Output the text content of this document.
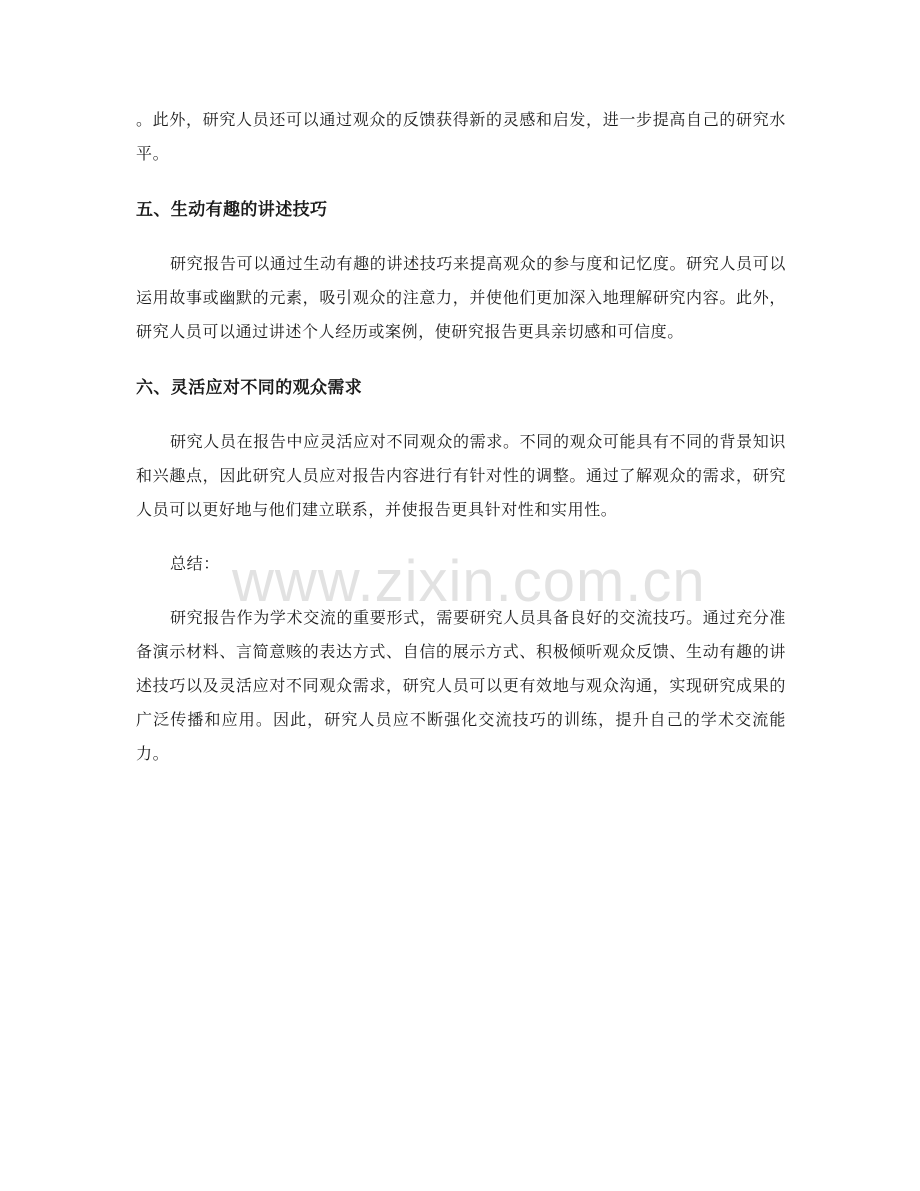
。此外，研究人员还可以通过观众的反馈获得新的灵感和启发，进一步提高自己的研究水平。

五、生动有趣的讲述技巧

研究报告可以通过生动有趣的讲述技巧来提高观众的参与度和记忆度。研究人员可以运用故事或幽默的元素，吸引观众的注意力，并使他们更加深入地理解研究内容。此外，研究人员可以通过讲述个人经历或案例，使研究报告更具亲切感和可信度。

六、灵活应对不同的观众需求

研究人员在报告中应灵活应对不同观众的需求。不同的观众可能具有不同的背景知识和兴趣点，因此研究人员应对报告内容进行有针对性的调整。通过了解观众的需求，研究人员可以更好地与他们建立联系，并使报告更具针对性和实用性。

总结：

研究报告作为学术交流的重要形式，需要研究人员具备良好的交流技巧。通过充分准备演示材料、言简意赅的表达方式、自信的展示方式、积极倾听观众反馈、生动有趣的讲述技巧以及灵活应对不同观众需求，研究人员可以更有效地与观众沟通，实现研究成果的广泛传播和应用。因此，研究人员应不断强化交流技巧的训练，提升自己的学术交流能力。

www.zixin.com.cn
